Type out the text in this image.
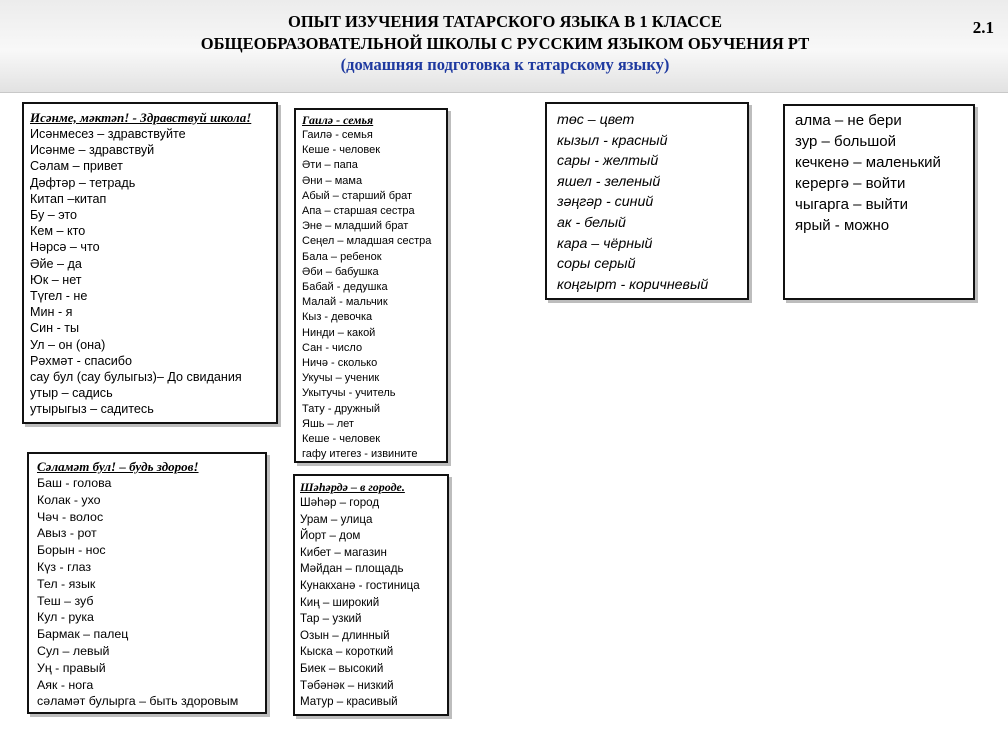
ОПЫТ ИЗУЧЕНИЯ ТАТАРСКОГО ЯЗЫКА В 1 КЛАССЕ
ОБЩЕОБРАЗОВАТЕЛЬНОЙ ШКОЛЫ С РУССКИМ ЯЗЫКОМ ОБУЧЕНИЯ РТ
(домашняя подготовка к татарскому языку)
2.1
Исәнме, мәктәп! - Здравствуй школа!
Исәнмесез – здравствуйте
Исәнме – здравствуй
Сәлам – привет
Дәфтәр – тетрадь
Китап –китап
Бу – это
Кем – кто
Нәрсә – что
Әйе – да
Юк – нет
Түгел - не
Мин - я
Син - ты
Ул – он (она)
Рәхмәт - спасибо
сау бул (сау булыгыз)– До свидания
утыр – садись
утырыгыз – садитесь
Гаилә - семья
Гаилә - семья
Кеше - человек
Әти – папа
Әни – мама
Абый – старший брат
Апа – старшая сестра
Эне – младший брат
Сеңел – младшая сестра
Бала – ребенок
Әби – бабушка
Бабай - дедушка
Малай - мальчик
Кыз - девочка
Нинди – какой
Сан - число
Ничә - сколько
Укучы – ученик
Укытучы - учитель
Тату - дружный
Яшь – лет
Кеше - человек
гафу итегез - извините
төс – цвет
кызыл - красный
сары - желтый
яшел - зеленый
зәңгәр - синий
ак - белый
кара – чёрный
соры серый
коңгырт - коричневый
алма – не бери
зур – большой
кечкенә – маленький
керергә – войти
чыгарга – выйти
ярый - можно
Сәламәт бул! – будь здоров!
Баш - голова
Колак - ухо
Чәч - волос
Авыз - рот
Борын - нос
Күз - глаз
Тел - язык
Теш – зуб
Кул - рука
Бармак – палец
Сул – левый
Уң - правый
Аяк - нога
сәламәт булырга – быть здоровым
Шәһәрдә – в городе.
Шәһәр – город
Урам – улица
Йорт – дом
Кибет – магазин
Мәйдан – площадь
Кунакханә - гостиница
Киң – широкий
Тар – узкий
Озын – длинный
Кыска – короткий
Биек – высокий
Тәбәнәк – низкий
Матур – красивый
